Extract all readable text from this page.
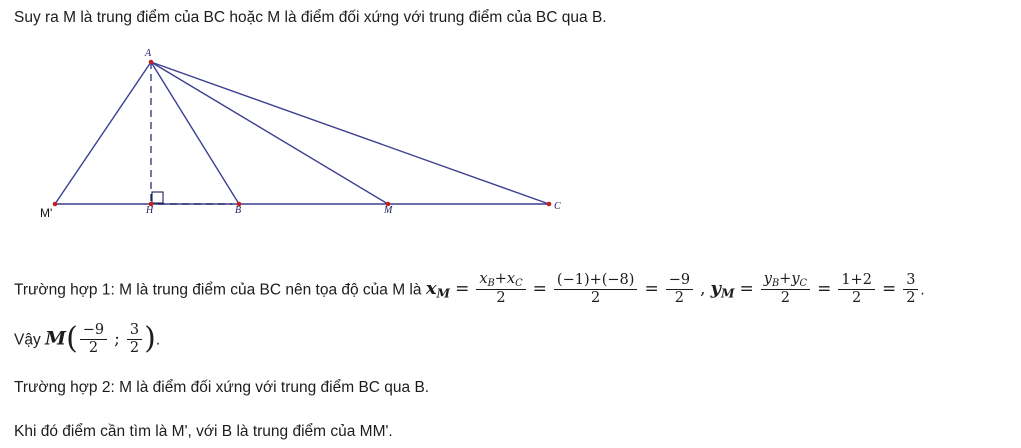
Suy ra M là trung điểm của BC hoặc M là điểm đối xứng với trung điểm của BC qua B.
A
H	B	M	C
M'
Trường hợp 1: M là trung điểm của BC nên tọa độ của M là $x_M = \frac{x_B+x_C}{2} = \frac{(-1)+(-8)}{2} = \frac{-9}{2}$ , $y_M = \frac{y_B+y_C}{2} = \frac{1+2}{2} = \frac{3}{2}$ .
Vậy $M( \frac{-9}{2}$ ; $\frac{3}{2}$ ).
Trường hợp 2: M là điểm đối xứng với trung điểm BC qua B.
Khi đó điểm cần tìm là M', với B là trung điểm của MM'.
